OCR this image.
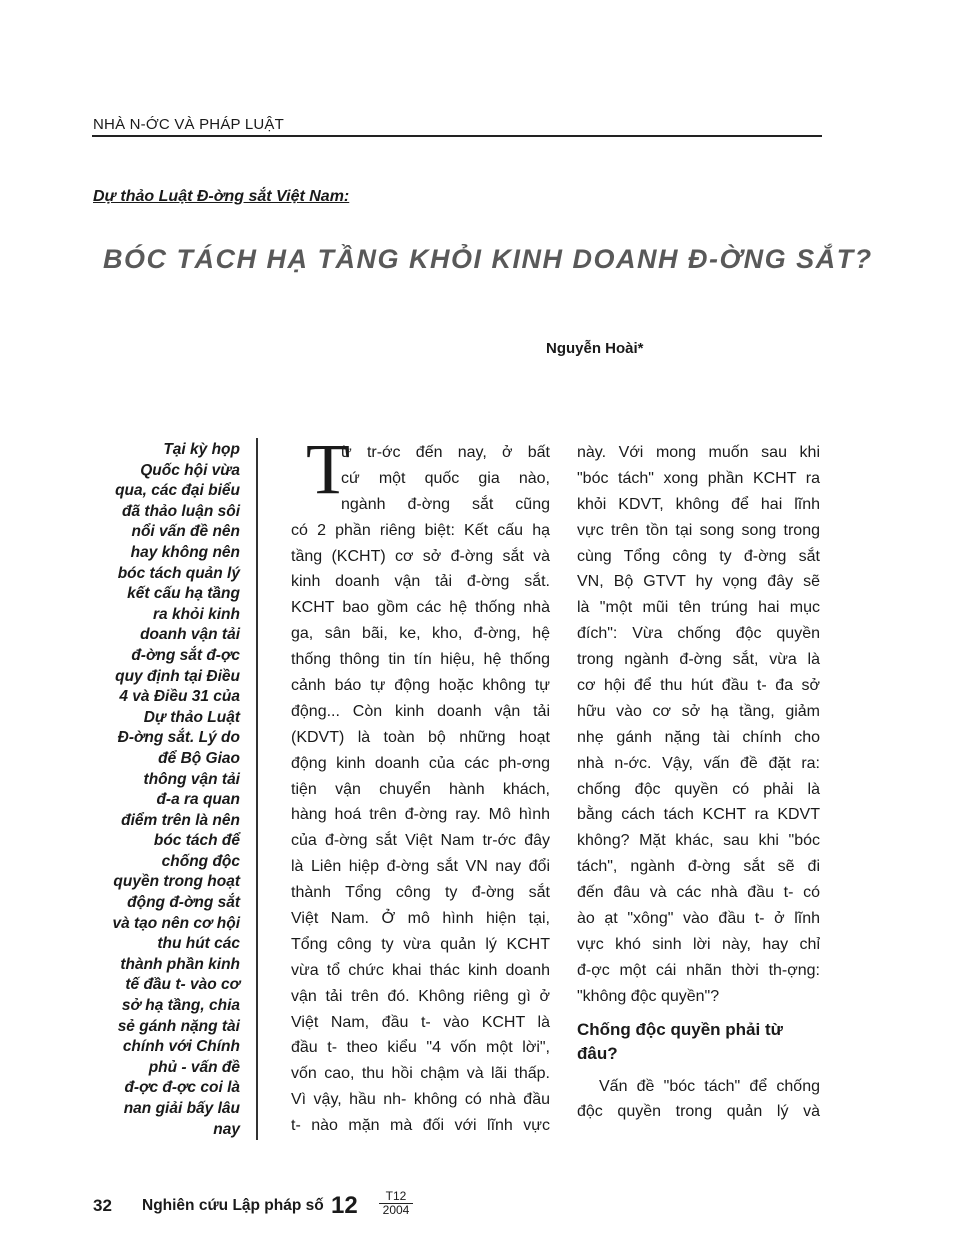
NHÀ N-ỚC VÀ PHÁP LUẬT
Dự thảo Luật Đ-ờng sắt Việt Nam:
BÓC TÁCH HẠ TẦNG KHỎI KINH DOANH Đ-ỜNG SẮT?
Nguyễn Hoài*
Tại kỳ họp
Quốc hội vừa
qua, các đại biểu
đã thảo luận sôi
nổi vấn đề nên
hay không nên
bóc tách quản lý
kết cấu hạ tầng
ra khỏi kinh
doanh vận tải
đ-ờng sắt đ-ợc
quy định tại Điều
4 và Điều 31 của
Dự thảo Luật
Đ-ờng sắt. Lý do
để Bộ Giao
thông vận tải
đ-a ra quan
điểm trên là nên
bóc tách để
chống độc
quyền trong hoạt
động đ-ờng sắt
và tạo nên cơ hội
thu hút các
thành phần kinh
tế đầu t- vào cơ
sở hạ tầng, chia
sẻ gánh nặng tài
chính với Chính
phủ - vấn đề
đ-ợc đ-ợc coi là
nan giải bấy lâu
nay
T
ừ tr-ớc đến nay, ở bất
cứ một quốc gia nào,
ngành đ-ờng sắt cũng
có 2 phần riêng biệt: Kết cấu hạ
tầng (KCHT) cơ sở đ-ờng sắt và
kinh doanh vận tải đ-ờng sắt.
KCHT bao gồm các hệ thống nhà
ga, sân bãi, ke, kho, đ-ờng, hệ
thống thông tin tín hiệu, hệ thống
cảnh báo tự động hoặc không tự
động... Còn kinh doanh vận tải
(KDVT) là toàn bộ những hoạt
động kinh doanh của các ph-ơng
tiện vận chuyển hành khách,
hàng hoá trên đ-ờng ray. Mô hình
của đ-ờng sắt Việt Nam tr-ớc đây
là Liên hiệp đ-ờng sắt VN nay đổi
thành Tổng công ty đ-ờng sắt
Việt Nam. Ở mô hình hiện tại,
Tổng công ty vừa quản lý KCHT
vừa tổ chức khai thác kinh doanh
vận tải trên đó. Không riêng gì ở
Việt Nam, đầu t- vào KCHT là
đầu t- theo kiểu "4 vốn một lời",
vốn cao, thu hồi chậm và lãi thấp.
Vì vậy, hầu nh- không có nhà đầu
t- nào mặn mà đối với lĩnh vực
này. Với mong muốn sau khi
"bóc tách" xong phần KCHT ra
khỏi KDVT, không để hai lĩnh
vực trên tồn tại song song trong
cùng Tổng công ty đ-ờng sắt
VN, Bộ GTVT hy vọng đây sẽ
là "một mũi tên trúng hai mục
đích": Vừa chống độc quyền
trong ngành đ-ờng sắt, vừa là
cơ hội để thu hút đầu t- đa sở
hữu vào cơ sở hạ tầng, giảm
nhẹ gánh nặng tài chính cho
nhà n-ớc. Vậy, vấn đề đặt ra:
chống độc quyền có phải là
bằng cách tách KCHT ra KDVT
không? Mặt khác, sau khi "bóc
tách", ngành đ-ờng sắt sẽ đi
đến đâu và các nhà đầu t- có
ào ạt "xông" vào đầu t- ở lĩnh
vực khó sinh lời này, hay chỉ
đ-ợc một cái nhãn thời th-ợng:
"không độc quyền"?
Chống độc quyền phải từ đâu?
Vấn đề "bóc tách" để chống
độc quyền trong quản lý và
32 Nghiên cứu Lập pháp số $12 \frac{T12}{2004}$
